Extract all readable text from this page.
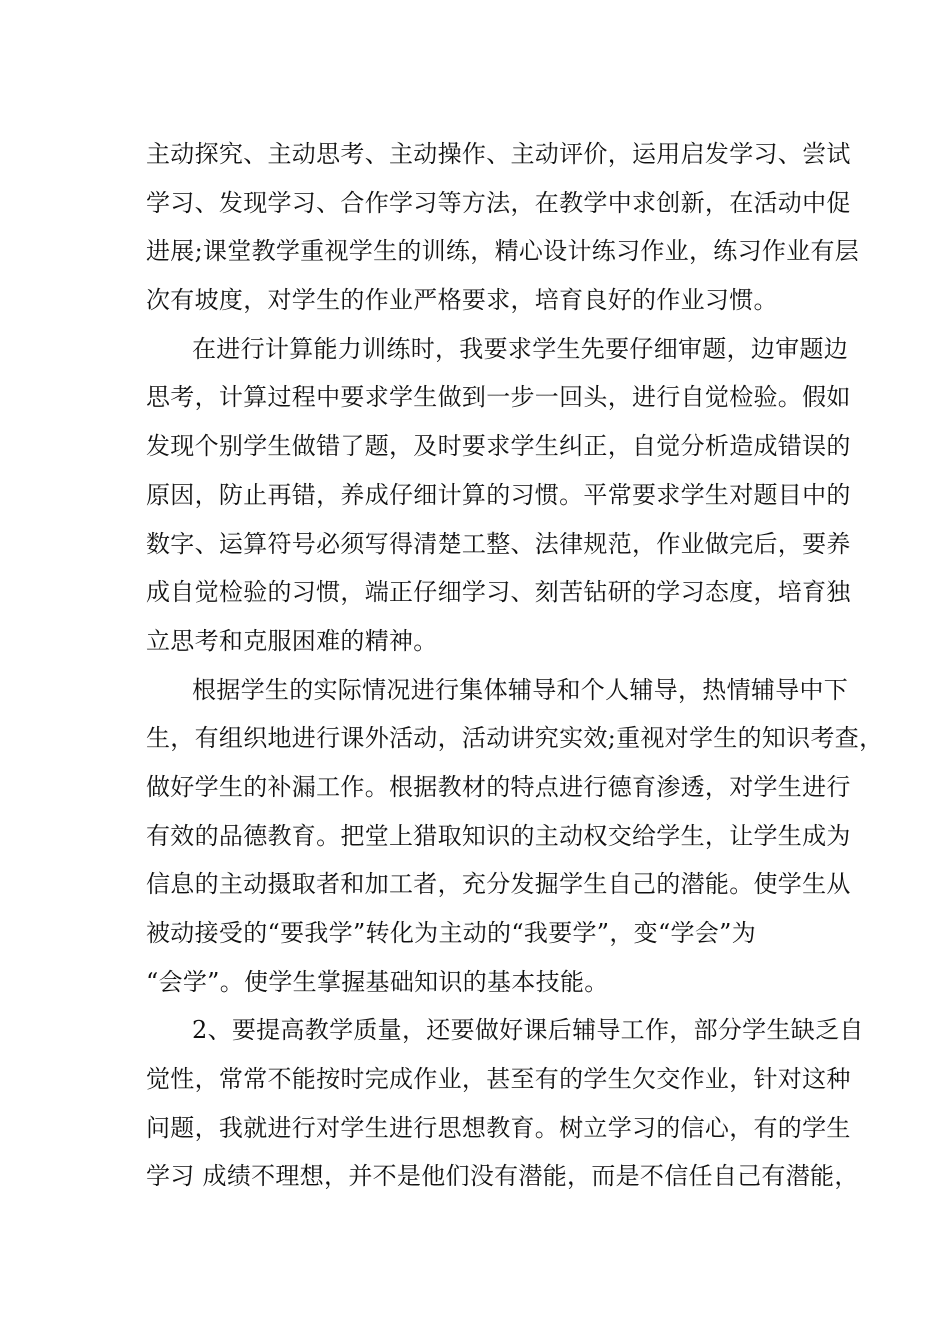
主动探究、主动思考、主动操作、主动评价，运用启发学习、尝试
学习、发现学习、合作学习等方法，在教学中求创新，在活动中促
进展;课堂教学重视学生的训练，精心设计练习作业，练习作业有层
次有坡度，对学生的作业严格要求，培育良好的作业习惯。
在进行计算能力训练时，我要求学生先要仔细审题，边审题边
思考，计算过程中要求学生做到一步一回头，进行自觉检验。假如
发现个别学生做错了题，及时要求学生纠正，自觉分析造成错误的
原因，防止再错，养成仔细计算的习惯。平常要求学生对题目中的
数字、运算符号必须写得清楚工整、法律规范，作业做完后，要养
成自觉检验的习惯，端正仔细学习、刻苦钻研的学习态度，培育独
立思考和克服困难的精神。
根据学生的实际情况进行集体辅导和个人辅导，热情辅导中下
生，有组织地进行课外活动，活动讲究实效;重视对学生的知识考查，
做好学生的补漏工作。根据教材的特点进行德育渗透，对学生进行
有效的品德教育。把堂上猎取知识的主动权交给学生，让学生成为
信息的主动摄取者和加工者，充分发掘学生自己的潜能。使学生从
被动接受的“要我学”转化为主动的“我要学”，变“学会”为
“会学”。使学生掌握基础知识的基本技能。
2、要提高教学质量，还要做好课后辅导工作，部分学生缺乏自
觉性，常常不能按时完成作业，甚至有的学生欠交作业，针对这种
问题，我就进行对学生进行思想教育。树立学习的信心，有的学生
学习 成绩不理想，并不是他们没有潜能，而是不信任自己有潜能，
